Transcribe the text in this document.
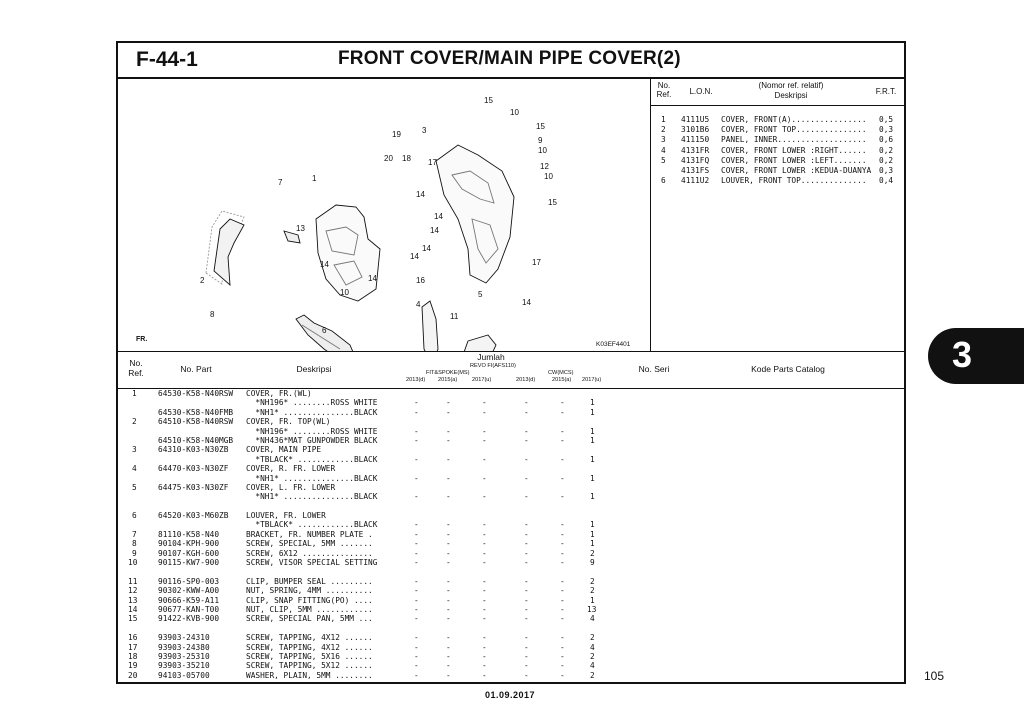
F-44-1	FRONT COVER/MAIN PIPE COVER(2)
15
10
15
9
10
12
10
15
17
3
19
20 18 17
14
14
14
14
7	1
13
14
14
14
16
2
10
8
6
4
5
11
14
FR.
K03EF4401
No.
Ref.	L.O.N.
(Nomor ref. relatif)
Deskripsi	F.R.T.
1 4111U5 COVER, FRONT(A)................ 0,5
2 3101B6 COVER, FRONT TOP............... 0,3
3 411150 PANEL, INNER................... 0,6
4 4131FR COVER, FRONT LOWER :RIGHT...... 0,2
5 4131FQ COVER, FRONT LOWER :LEFT....... 0,2
4131FS COVER, FRONT LOWER :KEDUA-DUANYA 0,3
6 4111U2 LOUVER, FRONT TOP.............. 0,4
No.
Ref.	No. Part	Deskripsi
Jumlah
REVO FI(AFS110)
FIT&SPOKE(MS)	CW(MCS)
2013(d) 2015(a)	2017(u)	2013(d)	2015(a) 2017(u)
No. Seri	Kode Parts Catalog
1	64530-K58-N40RSW COVER, FR.(WL)
*NH196* ........ROSS WHITE	-	-	-	-	-	1
64530-K58-N40FMB *NH1* ...............BLACK	-	-	-	-	-	1
2	64510-K58-N40RSW COVER, FR. TOP(WL)
*NH196* ........ROSS WHITE	-	-	-	-	-	1
64510-K58-N40MGB *NH436*MAT GUNPOWDER BLACK	-	-	-	-	-	1
3	64310-K03-N30ZB COVER, MAIN PIPE
*TBLACK* ............BLACK	-	-	-	-	-	1
4	64470-K03-N30ZF COVER, R. FR. LOWER
*NH1* ...............BLACK	-	-	-	-	-	1
5	64475-K03-N30ZF COVER, L. FR. LOWER
*NH1* ...............BLACK	-	-	-	-	-	1
6	64520-K03-M60ZB LOUVER, FR. LOWER
*TBLACK* ............BLACK	-	-	-	-	-	1
7	81110-K58-N40	BRACKET, FR. NUMBER PLATE .	-	-	-	-	-	1
8	90104-KPH-900	SCREW, SPECIAL, 5MM .......	-	-	-	-	-	1
9	90107-KGH-600	SCREW, 6X12 ...............	-	-	-	-	-	2
10	90115-KW7-900	SCREW, VISOR SPECIAL SETTING	-	-	-	-	-	9
11	90116-SP0-003	CLIP, BUMPER SEAL .........	-	-	-	-	-	2
12	90302-KWW-A00	NUT, SPRING, 4MM ..........	-	-	-	-	-	2
13	90666-K59-A11	CLIP, SNAP FITTING(PO) ....	-	-	-	-	-	1
14	90677-KAN-T00	NUT, CLIP, 5MM ............	-	-	-	-	-	13
15	91422-KVB-900	SCREW, SPECIAL PAN, 5MM ...	-	-	-	-	-	4
16	93903-24310	SCREW, TAPPING, 4X12 ......	-	-	-	-	-	2
17	93903-24380	SCREW, TAPPING, 4X12 ......	-	-	-	-	-	4
18	93903-25310	SCREW, TAPPING, 5X16 ......	-	-	-	-	-	2
19	93903-35210	SCREW, TAPPING, 5X12 ......	-	-	-	-	-	4
20	94103-05700	WASHER, PLAIN, 5MM ........	-	-	-	-	-	2
3
105
01.09.2017
